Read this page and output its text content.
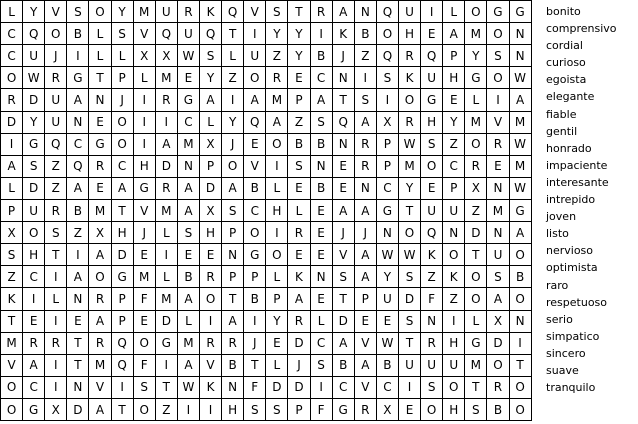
L	Y	V	S	O	Y	M	U	R	K	Q	V	S	T	R	A	N	Q	U	I	L	O	G	G
C	Q	O	B	L	S	V	Q	U	Q	T	I	Y	Y	I	K	B	O	H	E	A	M	O	N
C	U	J	I	L	L	X	X	W	S	L	U	Z	Y	B	J	Z	Q	R	Q	P	Y	S	N
O	W	R	G	T	P	L	M	E	Y	Z	O	R	E	C	N	I	S	K	U	H	G	O	W
R	D	U	A	N	J	I	R	G	A	I	A	M	P	A	T	S	I	O	G	E	L	I	A
D	Y	U	N	E	O	I	I	C	L	Y	Q	A	Z	S	Q	A	X	R	H	Y	M	V	M
I	G	Q	C	G	O	I	A	M	X	J	E	O	B	B	N	R	P	W	S	Z	O	R	W
A	S	Z	Q	R	C	H	D	N	P	O	V	I	S	N	E	R	P	M	O	C	R	E	M
L	D	Z	A	E	A	G	R	A	D	A	B	L	E	B	E	N	C	Y	E	P	X	N	W
P	U	R	B	M	T	V	M	A	X	S	C	H	L	E	A	A	G	T	U	U	Z	M	G
X	O	S	Z	X	H	J	L	S	H	P	O	I	R	E	J	J	N	O	Q	N	D	N	A
S	H	T	I	A	D	E	I	E	E	N	G	O	E	E	V	A	W	W	K	O	T	U	O
Z	C	I	A	O	G	M	L	B	R	P	P	L	K	N	S	A	Y	S	Z	K	O	S	B
K	I	L	N	R	P	F	M	A	O	T	B	P	A	E	T	P	U	D	F	Z	O	A	O
T	E	I	E	A	P	E	D	L	I	A	I	Y	R	L	D	E	E	S	N	I	L	X	N
M	R	R	T	R	Q	O	G	M	R	R	J	E	D	C	A	V	W	T	R	H	G	D	I
V	A	I	T	M	Q	F	I	A	V	B	T	L	J	S	B	A	B	U	U	U	M	O	T
O	C	I	N	V	I	S	T	W	K	N	F	D	D	I	C	V	C	I	S	O	T	R	O
O	G	X	D	A	T	O	Z	I	I	H	S	S	P	F	G	R	X	E	O	H	S	B	O
bonito
comprensivo
cordial
curioso
egoista
elegante
fiable
gentil
honrado
impaciente
interesante
intrepido
joven
listo
nervioso
optimista
raro
respetuoso
serio
simpatico
sincero
suave
tranquilo
